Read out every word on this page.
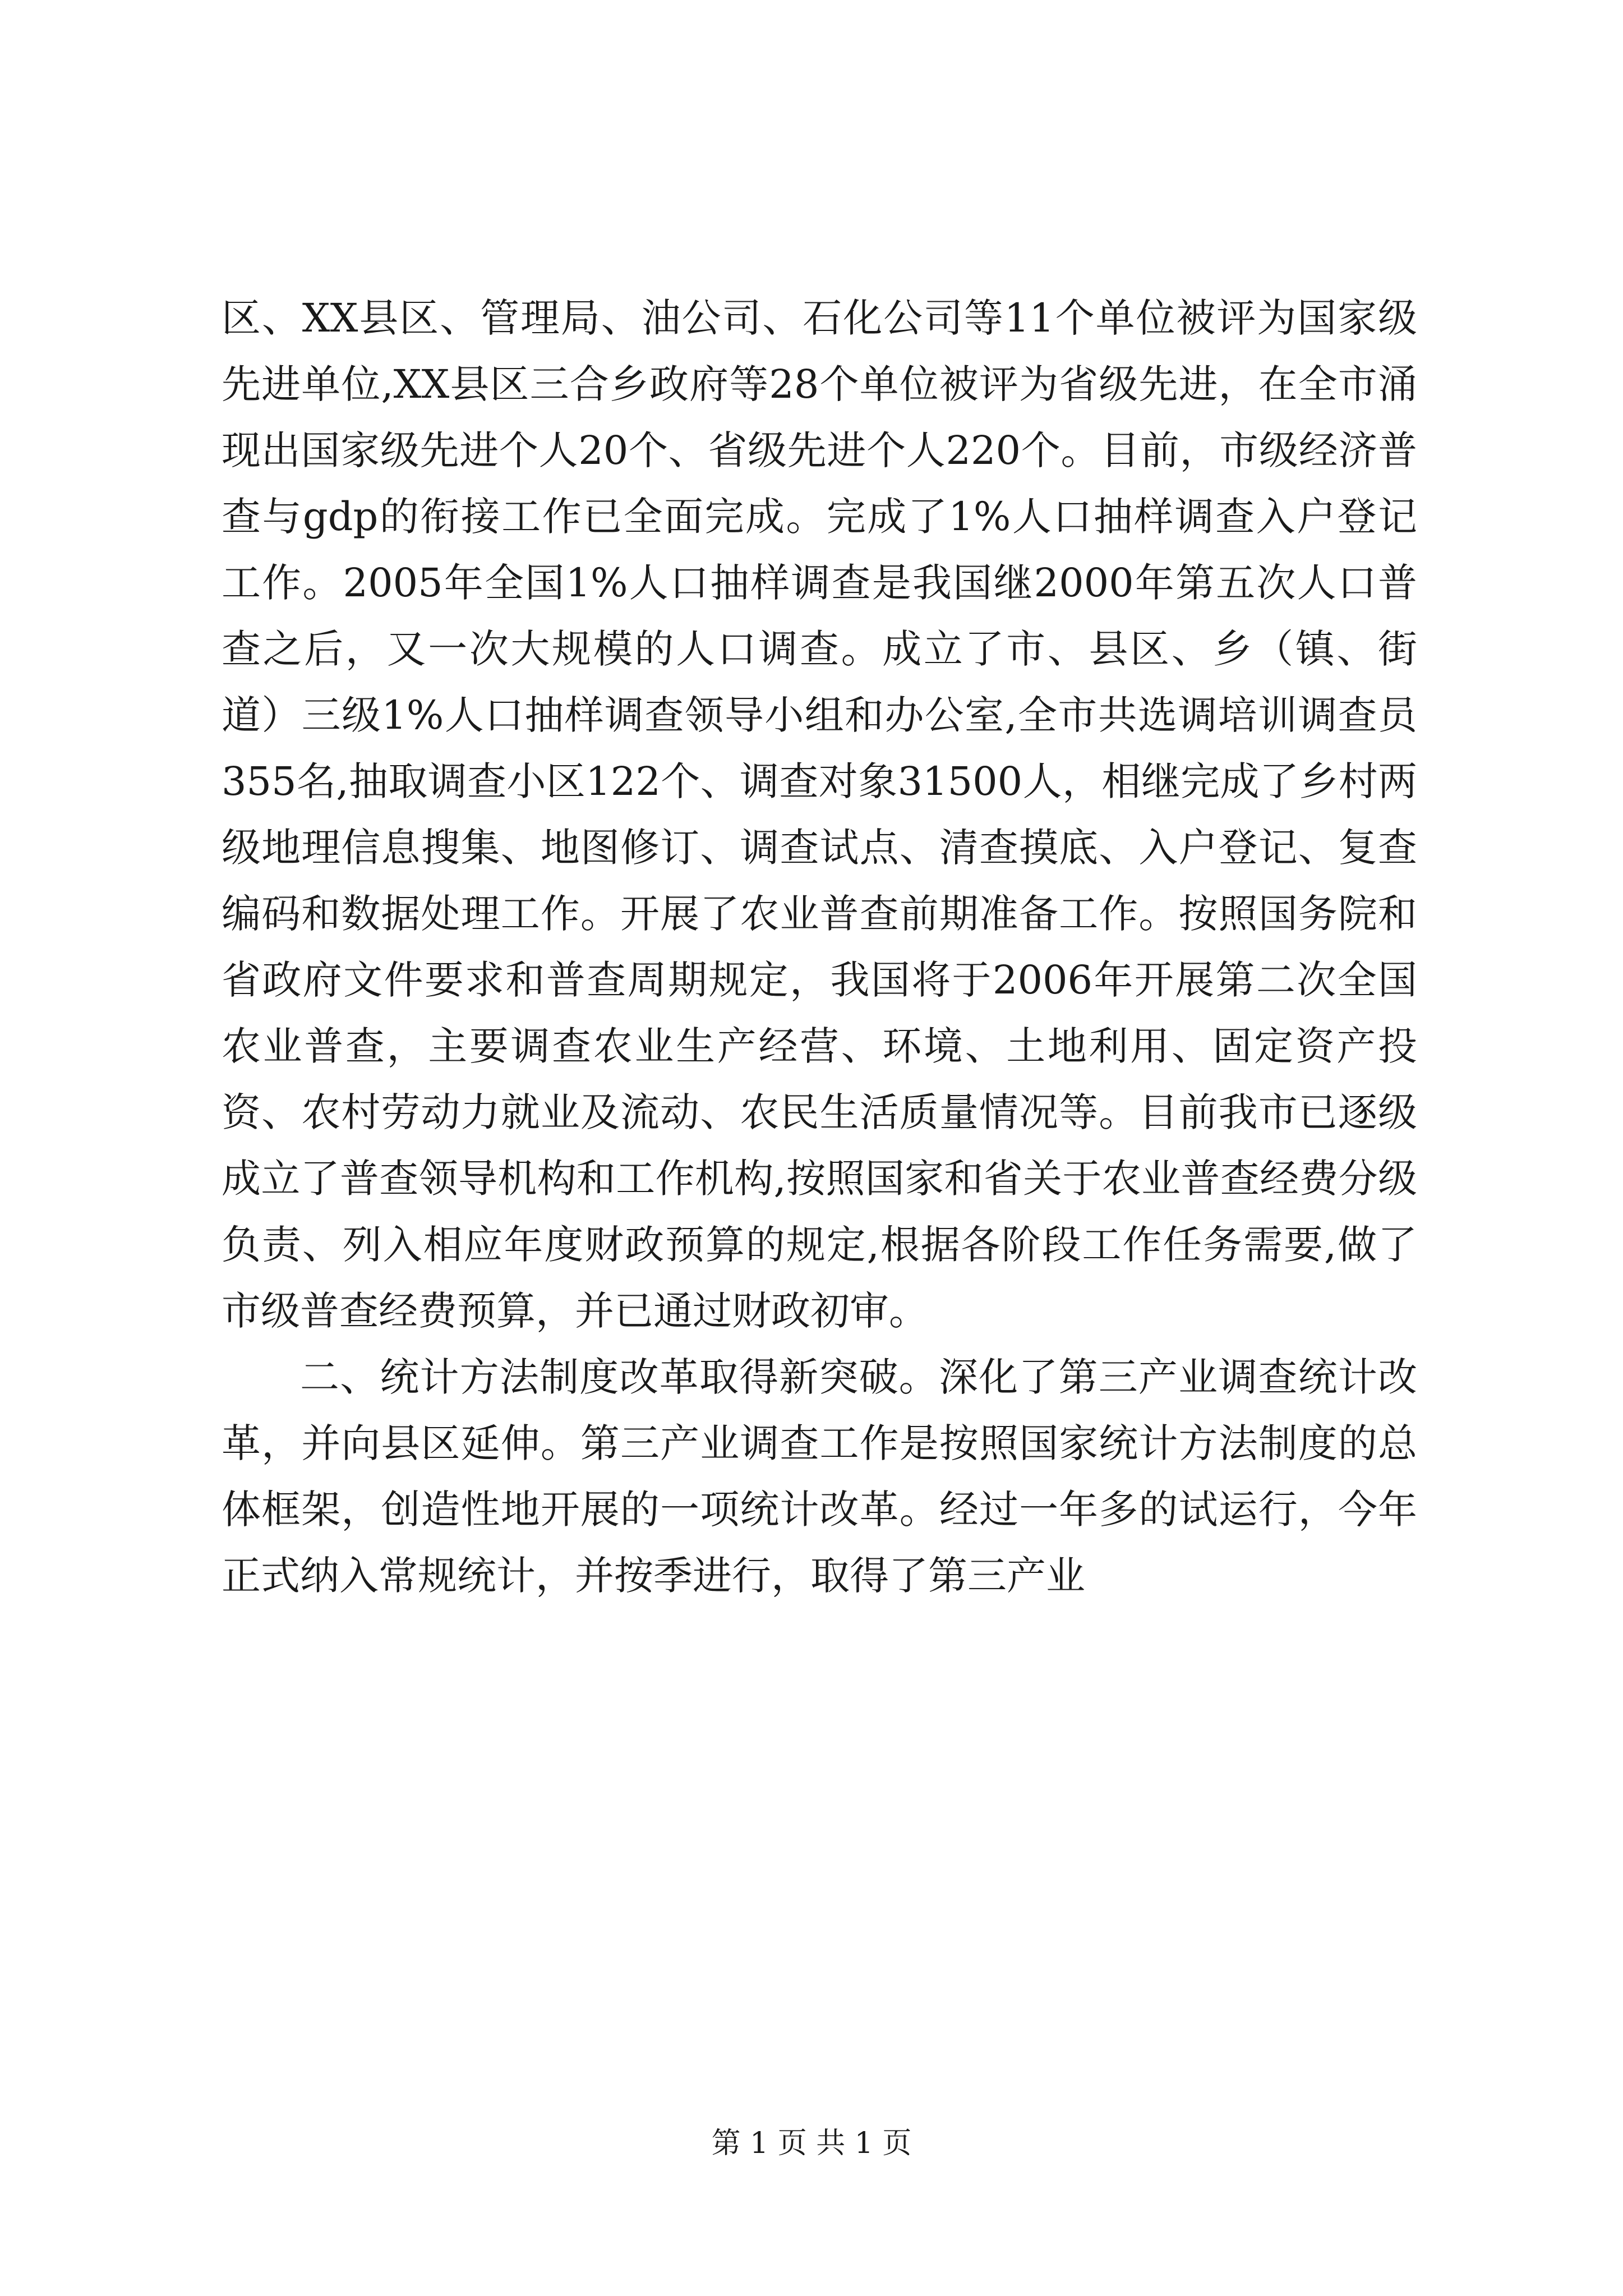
区、XX县区、管理局、油公司、石化公司等11个单位被评为国家级先进单位,XX县区三合乡政府等28个单位被评为省级先进，在全市涌现出国家级先进个人20个、省级先进个人220个。目前，市级经济普查与gdp的衔接工作已全面完成。完成了1%人口抽样调查入户登记工作。2005年全国1%人口抽样调查是我国继2000年第五次人口普查之后，又一次大规模的人口调查。成立了市、县区、乡（镇、街道）三级1%人口抽样调查领导小组和办公室,全市共选调培训调查员355名,抽取调查小区122个、调查对象31500人，相继完成了乡村两级地理信息搜集、地图修订、调查试点、清查摸底、入户登记、复查编码和数据处理工作。开展了农业普查前期准备工作。按照国务院和省政府文件要求和普查周期规定，我国将于2006年开展第二次全国农业普查，主要调查农业生产经营、环境、土地利用、固定资产投资、农村劳动力就业及流动、农民生活质量情况等。目前我市已逐级成立了普查领导机构和工作机构,按照国家和省关于农业普查经费分级负责、列入相应年度财政预算的规定,根据各阶段工作任务需要,做了市级普查经费预算，并已通过财政初审。

二、统计方法制度改革取得新突破。深化了第三产业调查统计改革，并向县区延伸。第三产业调查工作是按照国家统计方法制度的总体框架，创造性地开展的一项统计改革。经过一年多的试运行，今年正式纳入常规统计，并按季进行，取得了第三产业

第 1 页 共 1 页
